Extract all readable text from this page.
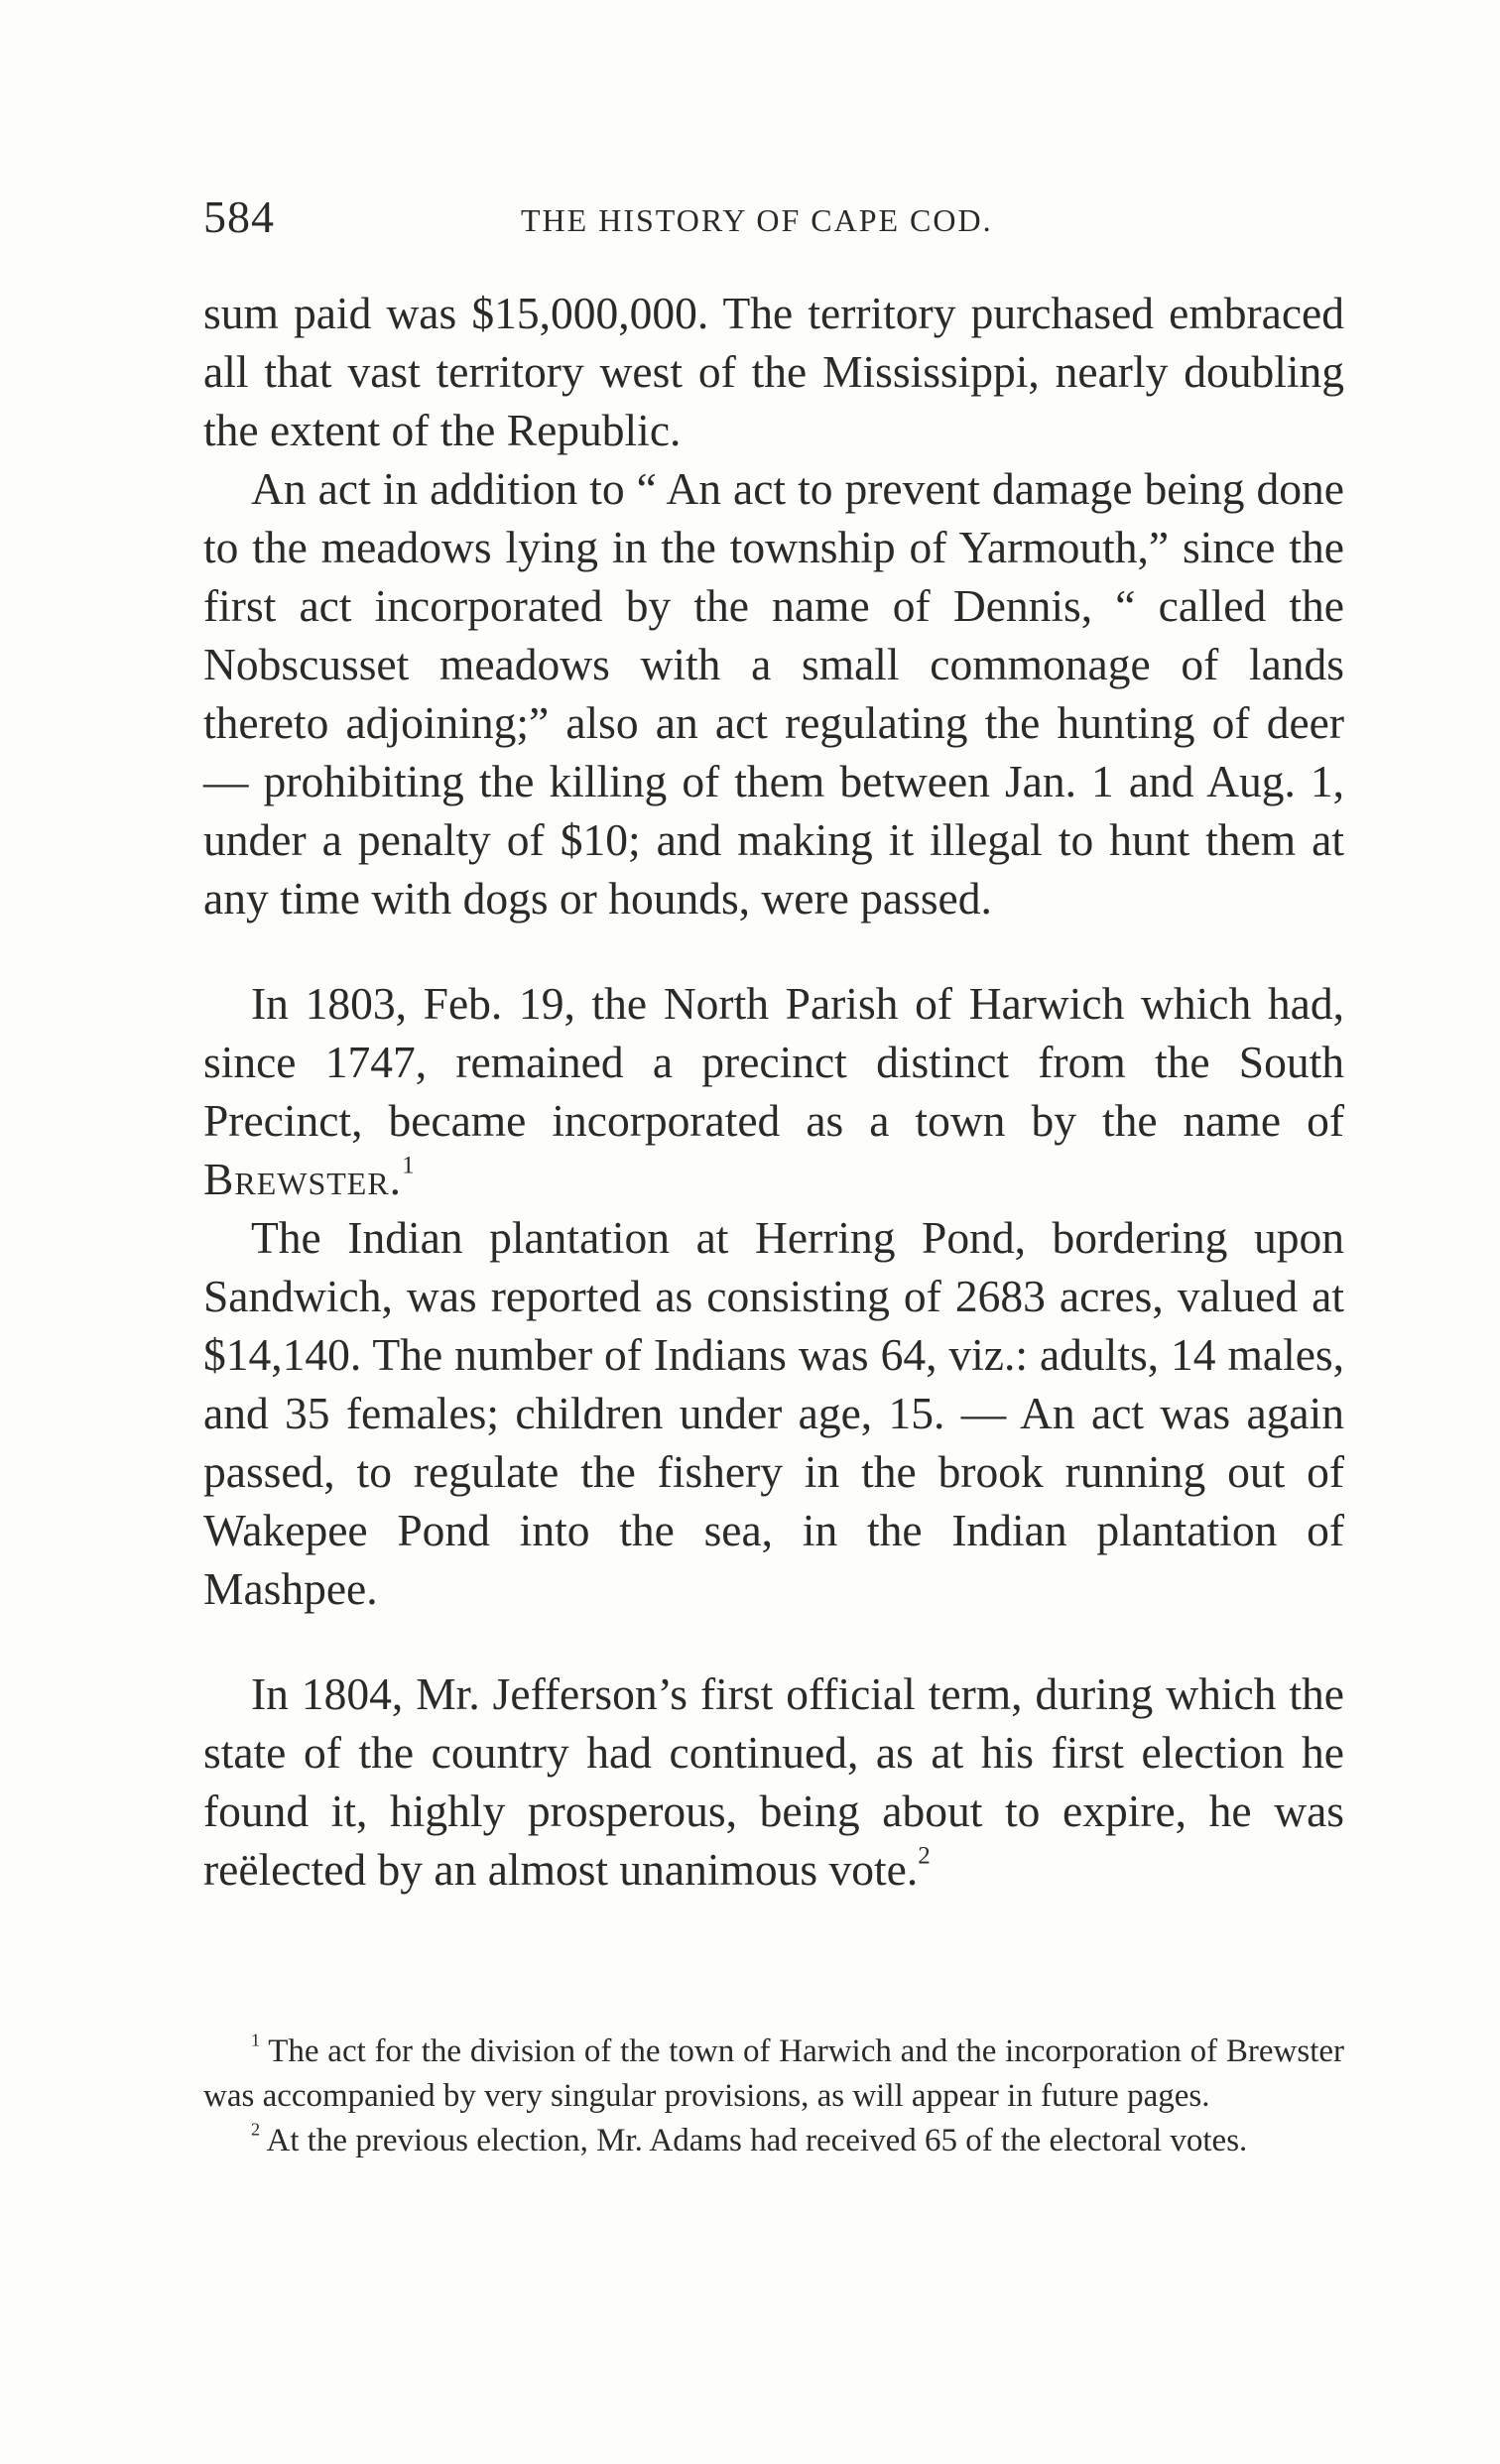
584	THE HISTORY OF CAPE COD.

sum paid was $15,000,000. The territory purchased embraced all that vast territory west of the Mississippi, nearly doubling the extent of the Republic.

An act in addition to “ An act to prevent damage being done to the meadows lying in the township of Yarmouth,” since the first act incorporated by the name of Dennis, “ called the Nobscusset meadows with a small commonage of lands thereto adjoining;” also an act regulating the hunting of deer — prohibiting the killing of them between Jan. 1 and Aug. 1, under a penalty of $10; and making it illegal to hunt them at any time with dogs or hounds, were passed.

In 1803, Feb. 19, the North Parish of Harwich which had, since 1747, remained a precinct distinct from the South Precinct, became incorporated as a town by the name of Brewster.$^1$

The Indian plantation at Herring Pond, bordering upon Sandwich, was reported as consisting of 2683 acres, valued at $14,140. The number of Indians was 64, viz.: adults, 14 males, and 35 females; children under age, 15. — An act was again passed, to regulate the fishery in the brook running out of Wakepee Pond into the sea, in the Indian plantation of Mashpee.

In 1804, Mr. Jefferson’s first official term, during which the state of the country had continued, as at his first election he found it, highly prosperous, being about to expire, he was reëlected by an almost unanimous vote.$^2$

$^1$ The act for the division of the town of Harwich and the incorporation of Brewster was accompanied by very singular provisions, as will appear in future pages.

$^2$ At the previous election, Mr. Adams had received 65 of the electoral votes.
